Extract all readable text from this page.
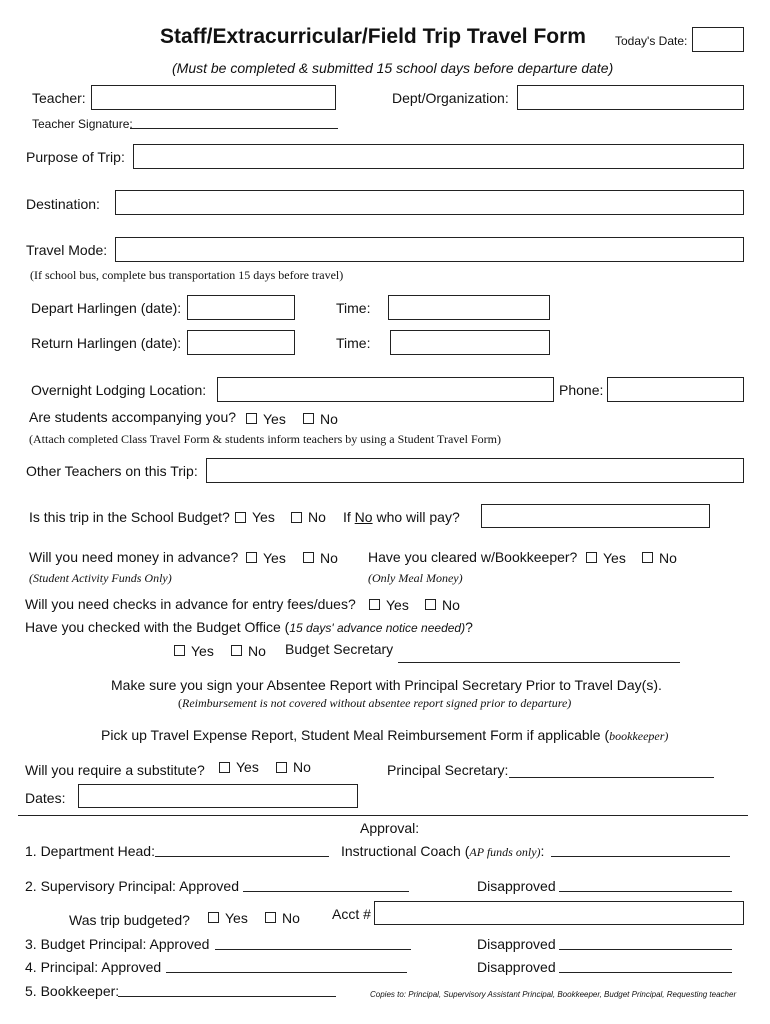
Staff/Extracurricular/Field Trip Travel Form Today's Date:
(Must be completed & submitted 15 school days before departure date)
Teacher:	Dept/Organization:
Teacher Signature:
Purpose of Trip:
Destination:
Travel Mode:
(If school bus, complete bus transportation 15 days before travel)
Depart Harlingen (date):	Time:
Return Harlingen (date):	Time:
Overnight Lodging Location:	Phone:
Are students accompanying you? Yes No
(Attach completed Class Travel Form & students inform teachers by using a Student Travel Form)
Other Teachers on this Trip:
Is this trip in the School Budget? Yes No If No who will pay?
Will you need money in advance? Yes No Have you cleared w/Bookkeeper? Yes No
(Student Activity Funds Only)	(Only Meal Money)
Will you need checks in advance for entry fees/dues? Yes No
Have you checked with the Budget Office (15 days' advance notice needed)?
Yes No Budget Secretary
Make sure you sign your Absentee Report with Principal Secretary Prior to Travel Day(s).
(Reimbursement is not covered without absentee report signed prior to departure)
Pick up Travel Expense Report, Student Meal Reimbursement Form if applicable (bookkeeper)
Will you require a substitute? Yes No	Principal Secretary:
Dates:
Approval:
1. Department Head:	Instructional Coach (AP funds only):
2. Supervisory Principal: Approved	Disapproved
Was trip budgeted?	Yes No Acct #
3. Budget Principal: Approved	Disapproved
4. Principal: Approved	Disapproved
5. Bookkeeper:	Copies to: Principal, Supervisory Assistant Principal, Bookkeeper, Budget Principal, Requesting teacher
